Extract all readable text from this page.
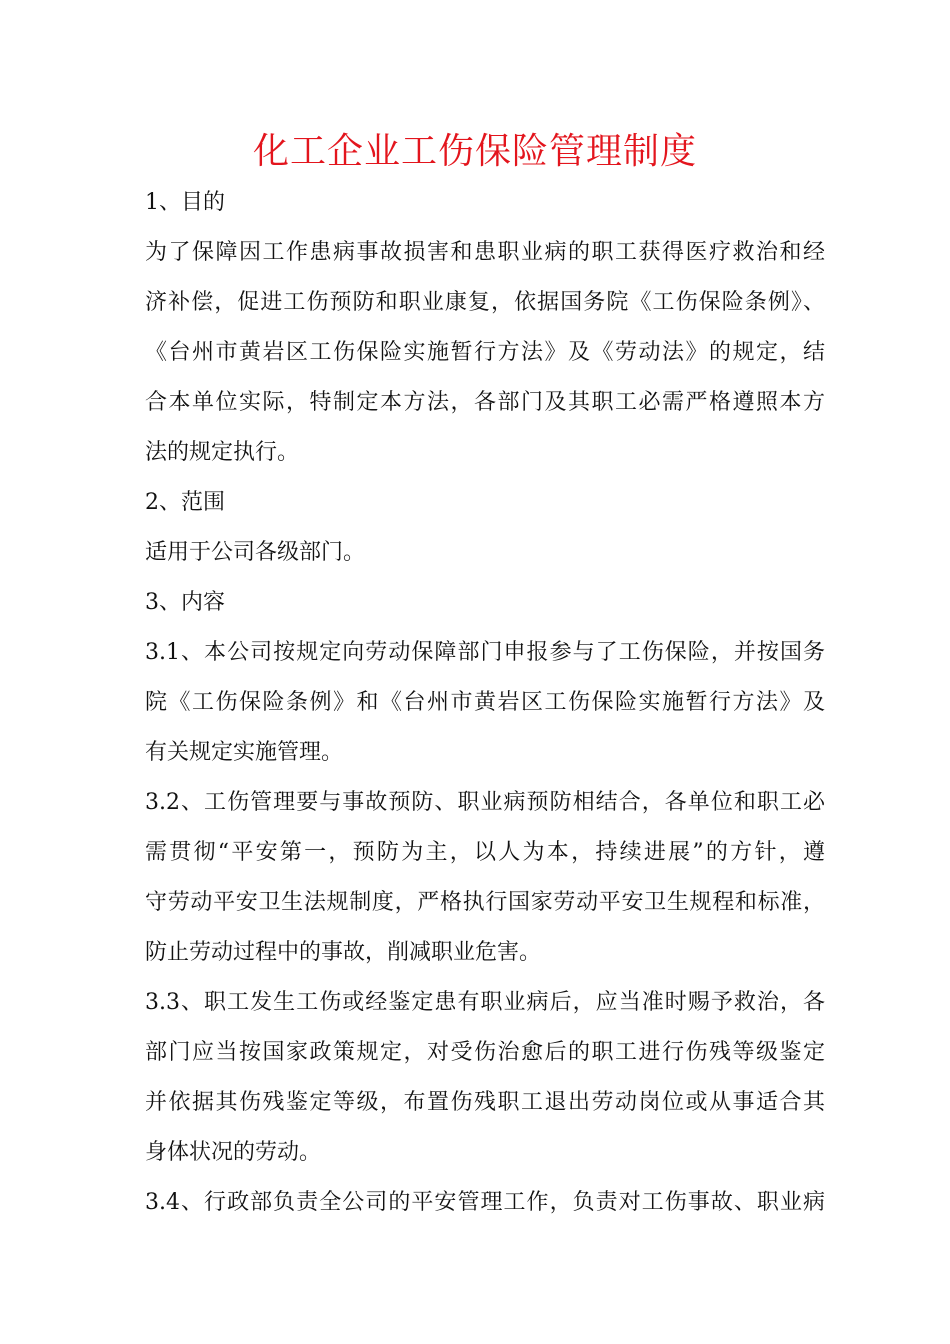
化工企业工伤保险管理制度
1、目的
为了保障因工作患病事故损害和患职业病的职工获得医疗救治和经
济补偿，促进工伤预防和职业康复，依据国务院《工伤保险条例》、
《台州市黄岩区工伤保险实施暂行方法》及《劳动法》的规定，结
合本单位实际，特制定本方法，各部门及其职工必需严格遵照本方
法的规定执行。
2、范围
适用于公司各级部门。
3、内容
3.1、本公司按规定向劳动保障部门申报参与了工伤保险，并按国务
院《工伤保险条例》和《台州市黄岩区工伤保险实施暂行方法》及
有关规定实施管理。
3.2、工伤管理要与事故预防、职业病预防相结合，各单位和职工必
需贯彻“平安第一，预防为主，以人为本，持续进展”的方针，遵
守劳动平安卫生法规制度，严格执行国家劳动平安卫生规程和标准，
防止劳动过程中的事故，削减职业危害。
3.3、职工发生工伤或经鉴定患有职业病后，应当准时赐予救治，各
部门应当按国家政策规定，对受伤治愈后的职工进行伤残等级鉴定
并依据其伤残鉴定等级，布置伤残职工退出劳动岗位或从事适合其
身体状况的劳动。
3.4、行政部负责全公司的平安管理工作，负责对工伤事故、职业病
